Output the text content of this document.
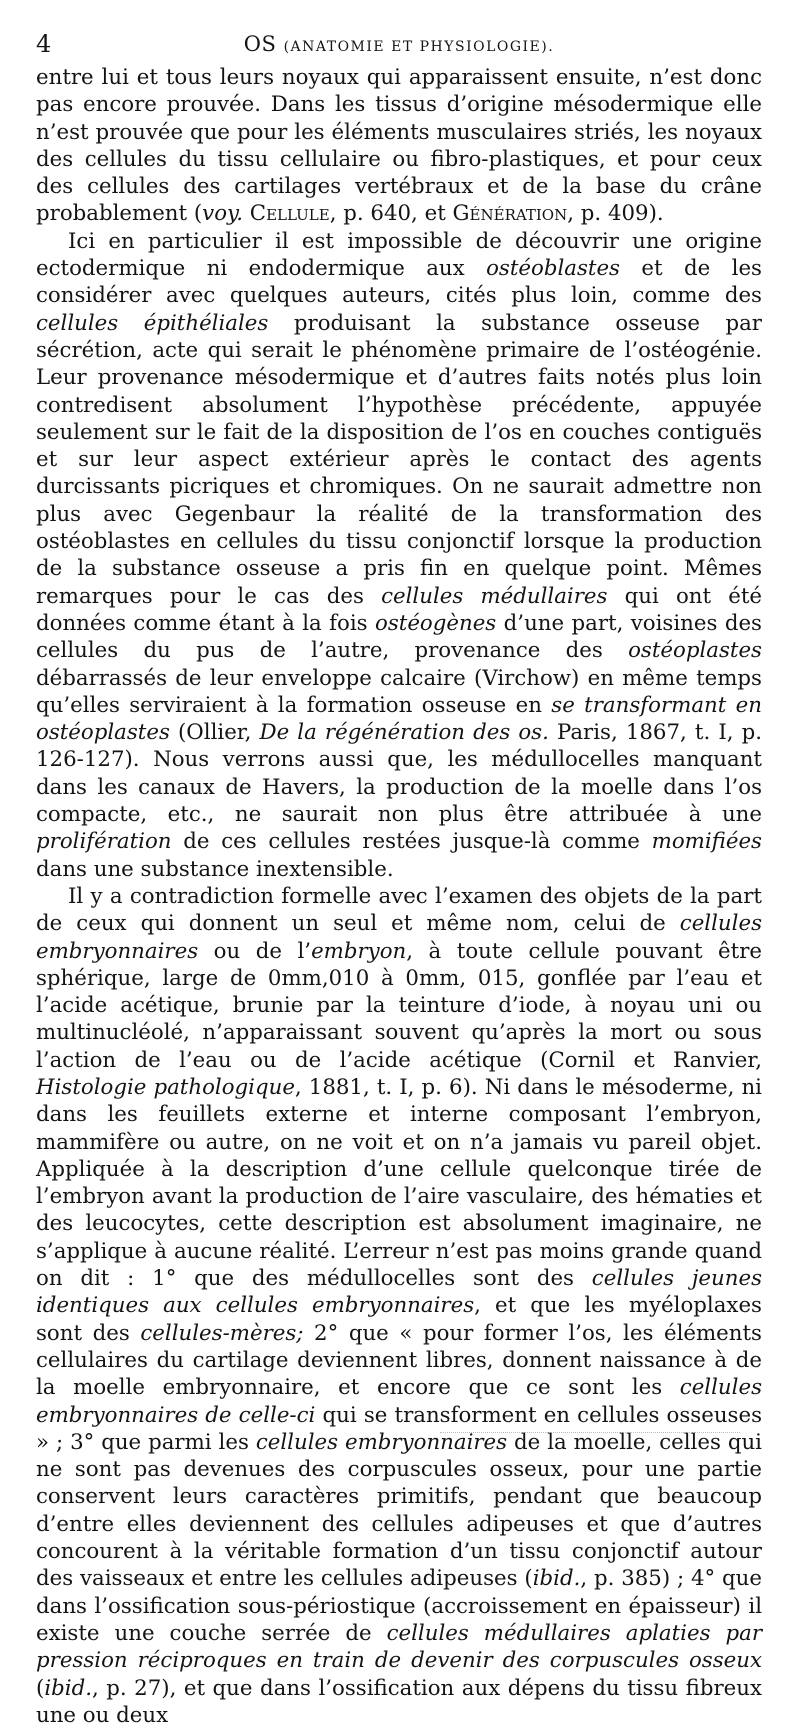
4	OS (ANATOMIE ET PHYSIOLOGIE).

entre lui et tous leurs noyaux qui apparaissent ensuite, n’est donc pas encore prouvée. Dans les tissus d’origine mésodermique elle n’est prouvée que pour les éléments musculaires striés, les noyaux des cellules du tissu cellulaire ou fibro-plastiques, et pour ceux des cellules des cartilages vertébraux et de la base du crâne probablement (voy. Cellule, p. 640, et Génération, p. 409).

Ici en particulier il est impossible de découvrir une origine ectodermique ni endodermique aux ostéoblastes et de les considérer avec quelques auteurs, cités plus loin, comme des cellules épithéliales produisant la substance osseuse par sécrétion, acte qui serait le phénomène primaire de l’ostéogénie. Leur provenance mésodermique et d’autres faits notés plus loin contredisent absolument l’hypothèse précédente, appuyée seulement sur le fait de la disposition de l’os en couches contiguës et sur leur aspect extérieur après le contact des agents durcissants picriques et chromiques. On ne saurait admettre non plus avec Gegenbaur la réalité de la transformation des ostéoblastes en cellules du tissu conjonctif lorsque la production de la substance osseuse a pris fin en quelque point. Mêmes remarques pour le cas des cellules médullaires qui ont été données comme étant à la fois ostéogènes d’une part, voisines des cellules du pus de l’autre, provenance des ostéoplastes débarrassés de leur enveloppe calcaire (Virchow) en même temps qu’elles serviraient à la formation osseuse en se transformant en ostéoplastes (Ollier, De la régénération des os. Paris, 1867, t. I, p. 126-127). Nous verrons aussi que, les médullocelles manquant dans les canaux de Havers, la production de la moelle dans l’os compacte, etc., ne saurait non plus être attribuée à une prolifération de ces cellules restées jusque-là comme momifiées dans une substance inextensible.

Il y a contradiction formelle avec l’examen des objets de la part de ceux qui donnent un seul et même nom, celui de cellules embryonnaires ou de l’embryon, à toute cellule pouvant être sphérique, large de 0mm,010 à 0mm, 015, gonflée par l’eau et l’acide acétique, brunie par la teinture d’iode, à noyau uni ou multinucléolé, n’apparaissant souvent qu’après la mort ou sous l’action de l’eau ou de l’acide acétique (Cornil et Ranvier, Histologie pathologique, 1881, t. I, p. 6). Ni dans le mésoderme, ni dans les feuillets externe et interne composant l’embryon, mammifère ou autre, on ne voit et on n’a jamais vu pareil objet. Appliquée à la description d’une cellule quelconque tirée de l’embryon avant la production de l’aire vasculaire, des hématies et des leucocytes, cette description est absolument imaginaire, ne s’applique à aucune réalité. L’erreur n’est pas moins grande quand on dit : 1° que des médullocelles sont des cellules jeunes identiques aux cellules embryonnaires, et que les myéloplaxes sont des cellules-mères; 2° que « pour former l’os, les éléments cellulaires du cartilage deviennent libres, donnent naissance à de la moelle embryonnaire, et encore que ce sont les cellules embryonnaires de celle-ci qui se transforment en cellules osseuses » ; 3° que parmi les cellules embryonnaires de la moelle, celles qui ne sont pas devenues des corpuscules osseux, pour une partie conservent leurs caractères primitifs, pendant que beaucoup d’entre elles deviennent des cellules adipeuses et que d’autres concourent à la véritable formation d’un tissu conjonctif autour des vaisseaux et entre les cellules adipeuses (ibid., p. 385) ; 4° que dans l’ossification sous-périostique (accroissement en épaisseur) il existe une couche serrée de cellules médullaires aplaties par pression réciproques en train de devenir des corpuscules osseux (ibid., p. 27), et que dans l’ossification aux dépens du tissu fibreux une ou deux
